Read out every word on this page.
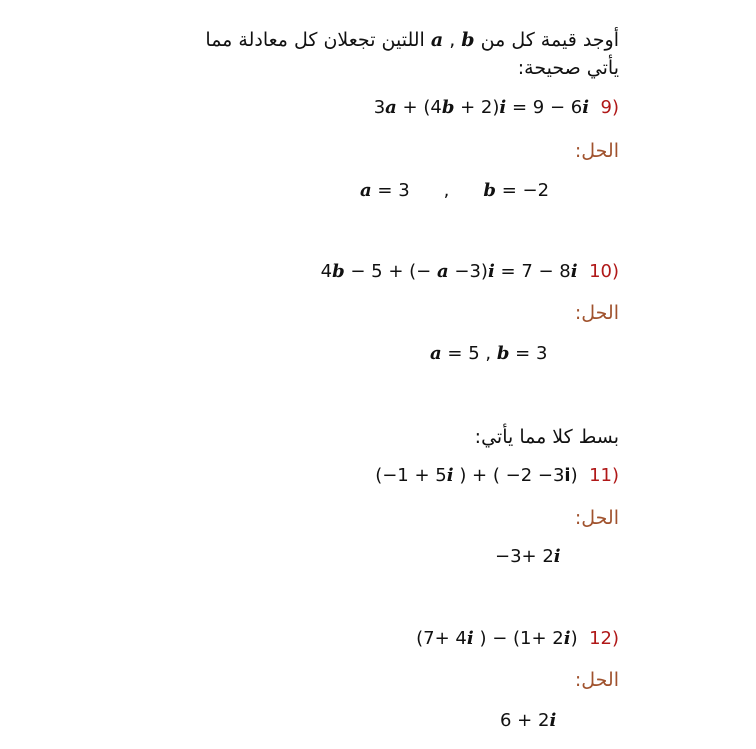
أوجد قيمة كل من a , b اللتين تجعلان كل معادلة مما
يأتي صحيحة:
(9  3a + (4b + 2)i = 9 − 6i
الحل:
a = 3 , b = −2
(10  4b − 5 + (− a −3)i = 7 − 8i
الحل:
a = 5 , b = 3
بسط كلا مما يأتي:
(11  (−1 + 5i ) + ( −2 −3i)
الحل:
−3+ 2i
(12  (7+ 4i ) − (1+ 2i)
الحل:
6 + 2i
